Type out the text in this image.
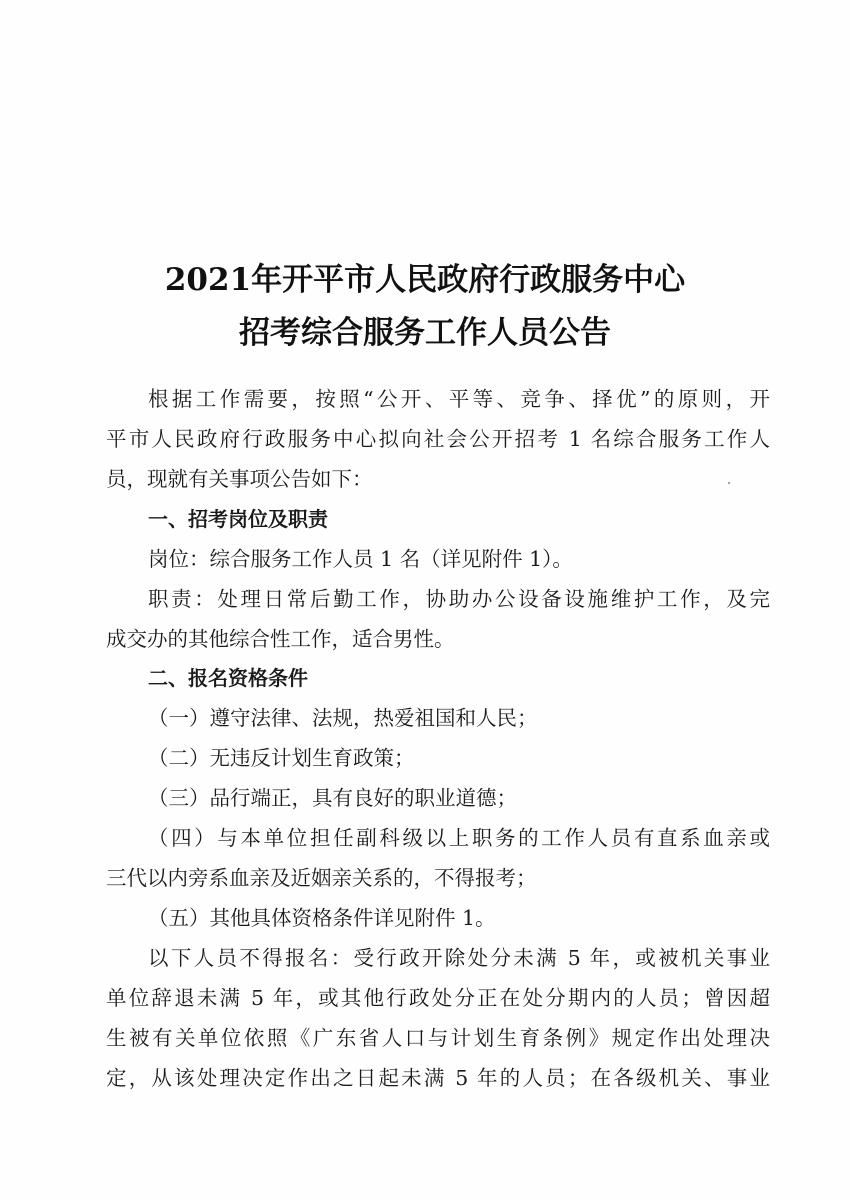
2021年开平市人民政府行政服务中心
招考综合服务工作人员公告
根据工作需要，按照“公开、平等、竞争、择优”的原则，开
平市人民政府行政服务中心拟向社会公开招考 1 名综合服务工作人
员，现就有关事项公告如下：
一、招考岗位及职责
岗位：综合服务工作人员 1 名（详见附件 1）。
职责：处理日常后勤工作，协助办公设备设施维护工作，及完
成交办的其他综合性工作，适合男性。
二、报名资格条件
（一）遵守法律、法规，热爱祖国和人民；
（二）无违反计划生育政策；
（三）品行端正，具有良好的职业道德；
（四）与本单位担任副科级以上职务的工作人员有直系血亲或
三代以内旁系血亲及近姻亲关系的，不得报考；
（五）其他具体资格条件详见附件 1。
以下人员不得报名：受行政开除处分未满 5 年，或被机关事业
单位辞退未满 5 年，或其他行政处分正在处分期内的人员；曾因超
生被有关单位依照《广东省人口与计划生育条例》规定作出处理决
定，从该处理决定作出之日起未满 5 年的人员；在各级机关、事业
